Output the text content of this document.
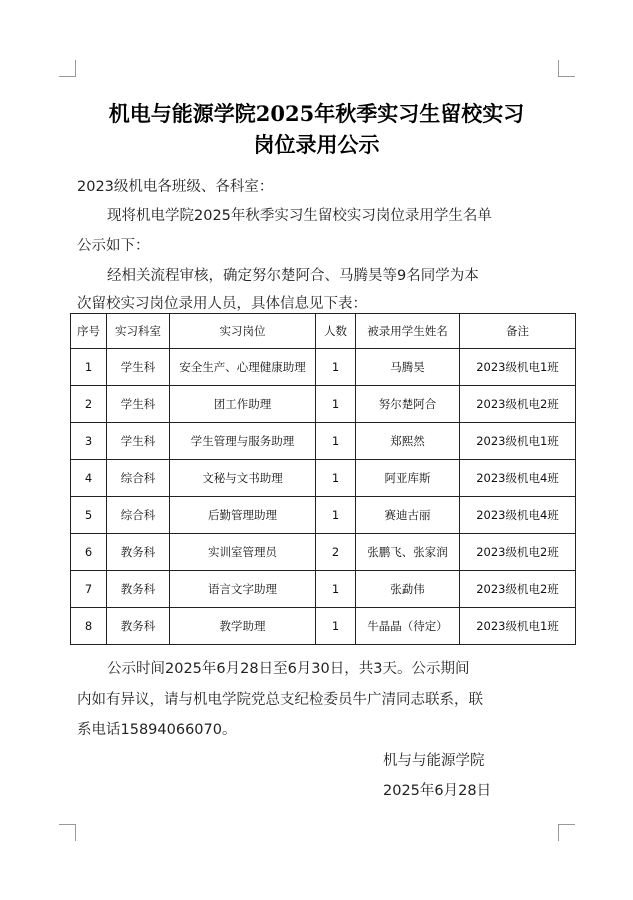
机电与能源学院2025年秋季实习生留校实习
岗位录用公示
2023级机电各班级、各科室：
现将机电学院2025年秋季实习生留校实习岗位录用学生名单
公示如下：
经相关流程审核，确定努尔楚阿合、马腾昊等9名同学为本
次留校实习岗位录用人员，具体信息见下表：
序号	实习科室	实习岗位	人数	被录用学生姓名	备注
1	学生科	安全生产、心理健康助理	1	马腾昊	2023级机电1班
2	学生科	团工作助理	1	努尔楚阿合	2023级机电2班
3	学生科	学生管理与服务助理	1	郑熙然	2023级机电1班
4	综合科	文秘与文书助理	1	阿亚库斯	2023级机电4班
5	综合科	后勤管理助理	1	赛迪古丽	2023级机电4班
6	教务科	实训室管理员	2	张鹏飞、张家润	2023级机电2班
7	教务科	语言文字助理	1	张勐伟	2023级机电2班
8	教务科	教学助理	1	牛晶晶（待定）	2023级机电1班
公示时间2025年6月28日至6月30日，共3天。公示期间
内如有异议，请与机电学院党总支纪检委员牛广清同志联系，联
系电话15894066070。
机与与能源学院
2025年6月28日
